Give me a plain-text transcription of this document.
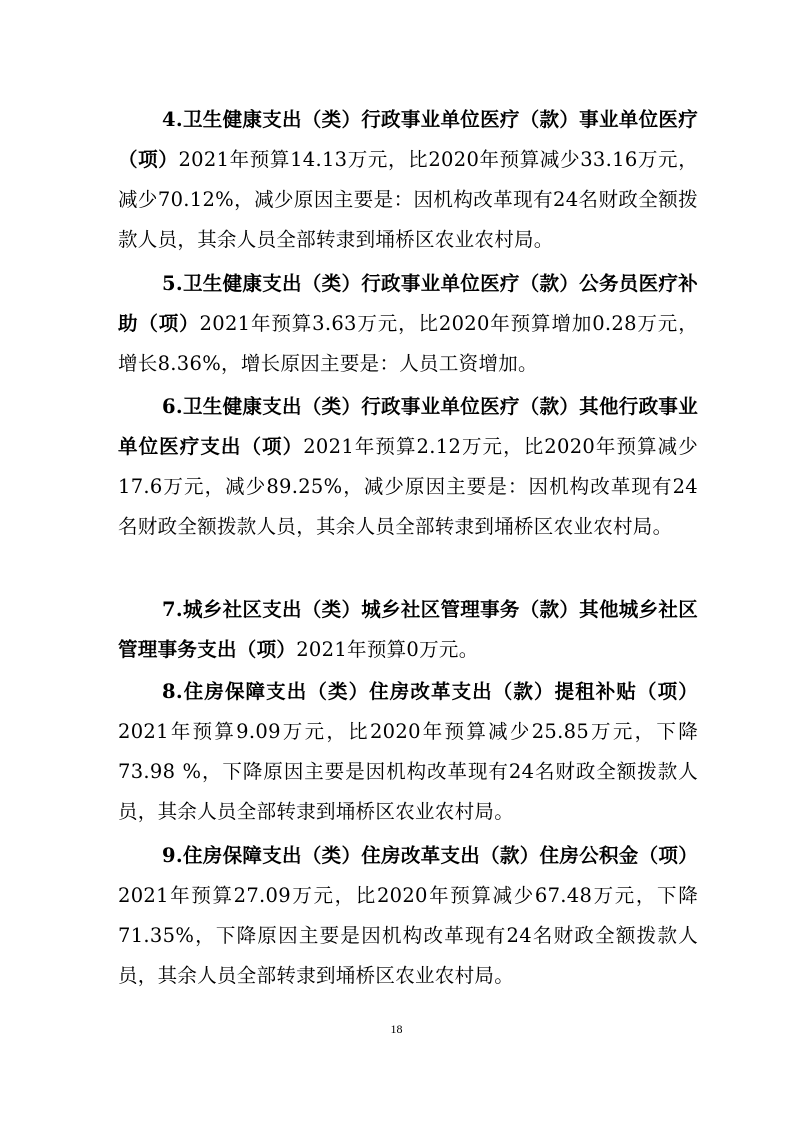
4.卫生健康支出（类）行政事业单位医疗（款）事业单位医疗（项）2021年预算14.13万元，比2020年预算减少33.16万元，减少70.12%，减少原因主要是：因机构改革现有24名财政全额拨款人员，其余人员全部转隶到埇桥区农业农村局。

5.卫生健康支出（类）行政事业单位医疗（款）公务员医疗补助（项）2021年预算3.63万元，比2020年预算增加0.28万元，增长8.36%，增长原因主要是：人员工资增加。

6.卫生健康支出（类）行政事业单位医疗（款）其他行政事业单位医疗支出（项）2021年预算2.12万元，比2020年预算减少17.6万元，减少89.25%，减少原因主要是：因机构改革现有24名财政全额拨款人员，其余人员全部转隶到埇桥区农业农村局。

7.城乡社区支出（类）城乡社区管理事务（款）其他城乡社区管理事务支出（项）2021年预算0万元。

8.住房保障支出（类）住房改革支出（款）提租补贴（项）2021年预算9.09万元，比2020年预算减少25.85万元，下降73.98 %，下降原因主要是因机构改革现有24名财政全额拨款人员，其余人员全部转隶到埇桥区农业农村局。

9.住房保障支出（类）住房改革支出（款）住房公积金（项）2021年预算27.09万元，比2020年预算减少67.48万元，下降71.35%，下降原因主要是因机构改革现有24名财政全额拨款人员，其余人员全部转隶到埇桥区农业农村局。

18
